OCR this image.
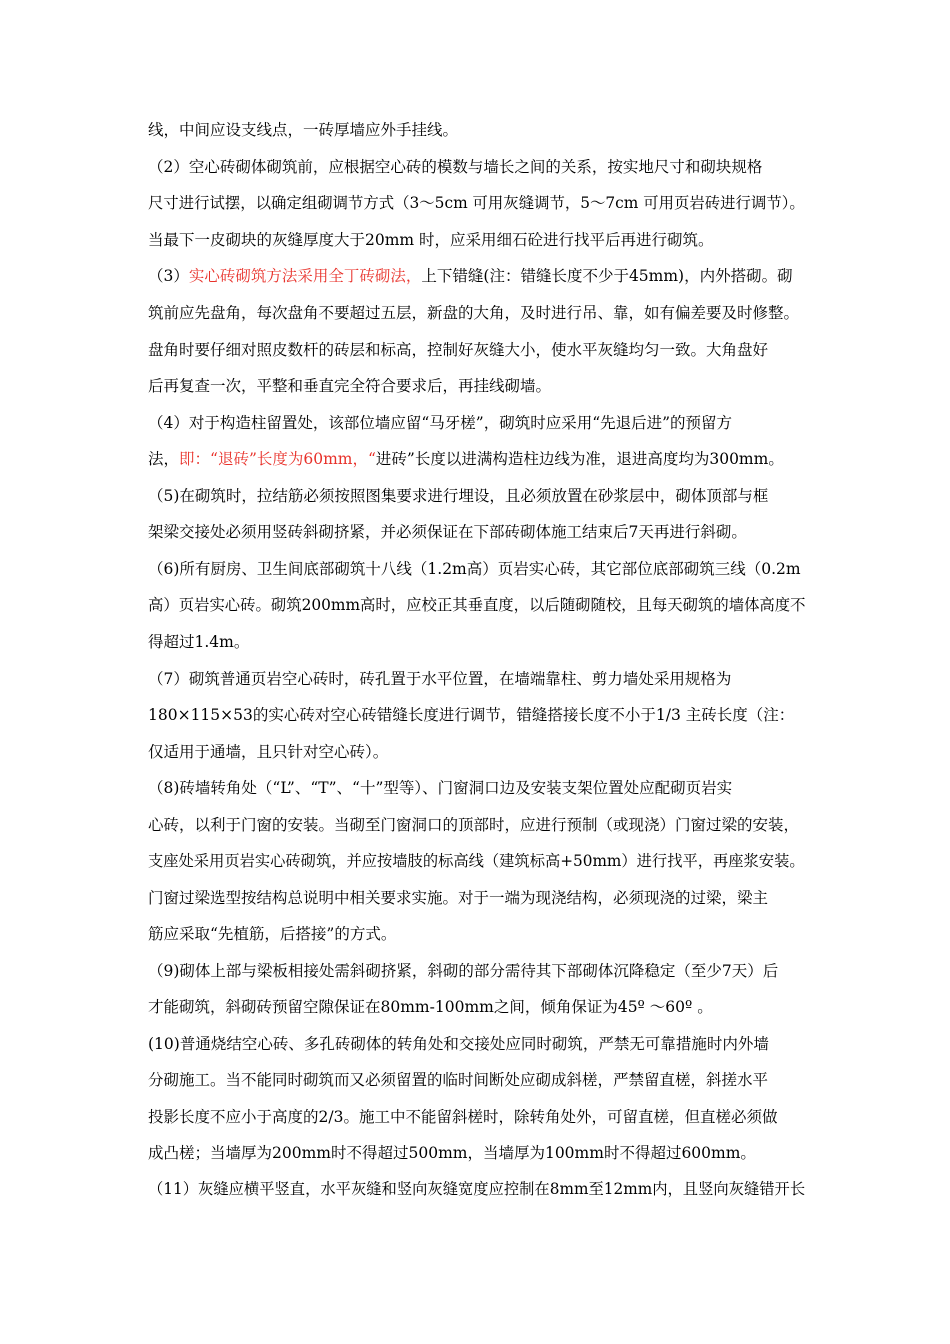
线，中间应设支线点，一砖厚墙应外手挂线。
（2）空心砖砌体砌筑前，应根据空心砖的模数与墙长之间的关系，按实地尺寸和砌块规格
尺寸进行试摆，以确定组砌调节方式（3～5cm 可用灰缝调节，5～7cm 可用页岩砖进行调节）。
当最下一皮砌块的灰缝厚度大于20mm 时，应采用细石砼进行找平后再进行砌筑。
（3）实心砖砌筑方法采用全丁砖砌法，上下错缝(注：错缝长度不少于45mm)，内外搭砌。砌
筑前应先盘角，每次盘角不要超过五层，新盘的大角，及时进行吊、靠，如有偏差要及时修整。
盘角时要仔细对照皮数杆的砖层和标高，控制好灰缝大小，使水平灰缝均匀一致。大角盘好
后再复查一次，平整和垂直完全符合要求后，再挂线砌墙。
（4）对于构造柱留置处，该部位墙应留“马牙槎”，砌筑时应采用“先退后进”的预留方
法，即：“退砖”长度为60mm，“进砖”长度以进满构造柱边线为准，退进高度均为300mm。
（5)在砌筑时，拉结筋必须按照图集要求进行埋设，且必须放置在砂浆层中，砌体顶部与框
架梁交接处必须用竖砖斜砌挤紧，并必须保证在下部砖砌体施工结束后7天再进行斜砌。
（6)所有厨房、卫生间底部砌筑十八线（1.2m高）页岩实心砖，其它部位底部砌筑三线（0.2m
高）页岩实心砖。砌筑200mm高时，应校正其垂直度，以后随砌随校，且每天砌筑的墙体高度不
得超过1.4m。
（7）砌筑普通页岩空心砖时，砖孔置于水平位置，在墙端靠柱、剪力墙处采用规格为
180×115×53的实心砖对空心砖错缝长度进行调节，错缝搭接长度不小于1/3 主砖长度（注：
仅适用于通墙，且只针对空心砖）。
（8)砖墙转角处（“L”、“T”、“十”型等）、门窗洞口边及安装支架位置处应配砌页岩实
心砖，以利于门窗的安装。当砌至门窗洞口的顶部时，应进行预制（或现浇）门窗过梁的安装，
支座处采用页岩实心砖砌筑，并应按墙肢的标高线（建筑标高+50mm）进行找平，再座浆安装。
门窗过梁选型按结构总说明中相关要求实施。对于一端为现浇结构，必须现浇的过梁，梁主
筋应采取“先植筋，后搭接”的方式。
（9)砌体上部与梁板相接处需斜砌挤紧，斜砌的部分需待其下部砌体沉降稳定（至少7天）后
才能砌筑，斜砌砖预留空隙保证在80mm-100mm之间，倾角保证为45º ～60º 。
(10)普通烧结空心砖、多孔砖砌体的转角处和交接处应同时砌筑，严禁无可靠措施时内外墙
分砌施工。当不能同时砌筑而又必须留置的临时间断处应砌成斜槎，严禁留直槎，斜搓水平
投影长度不应小于高度的2/3。施工中不能留斜槎时，除转角处外，可留直槎，但直槎必须做
成凸槎；当墙厚为200mm时不得超过500mm，当墙厚为100mm时不得超过600mm。
（11）灰缝应横平竖直，水平灰缝和竖向灰缝宽度应控制在8mm至12mm内，且竖向灰缝错开长
